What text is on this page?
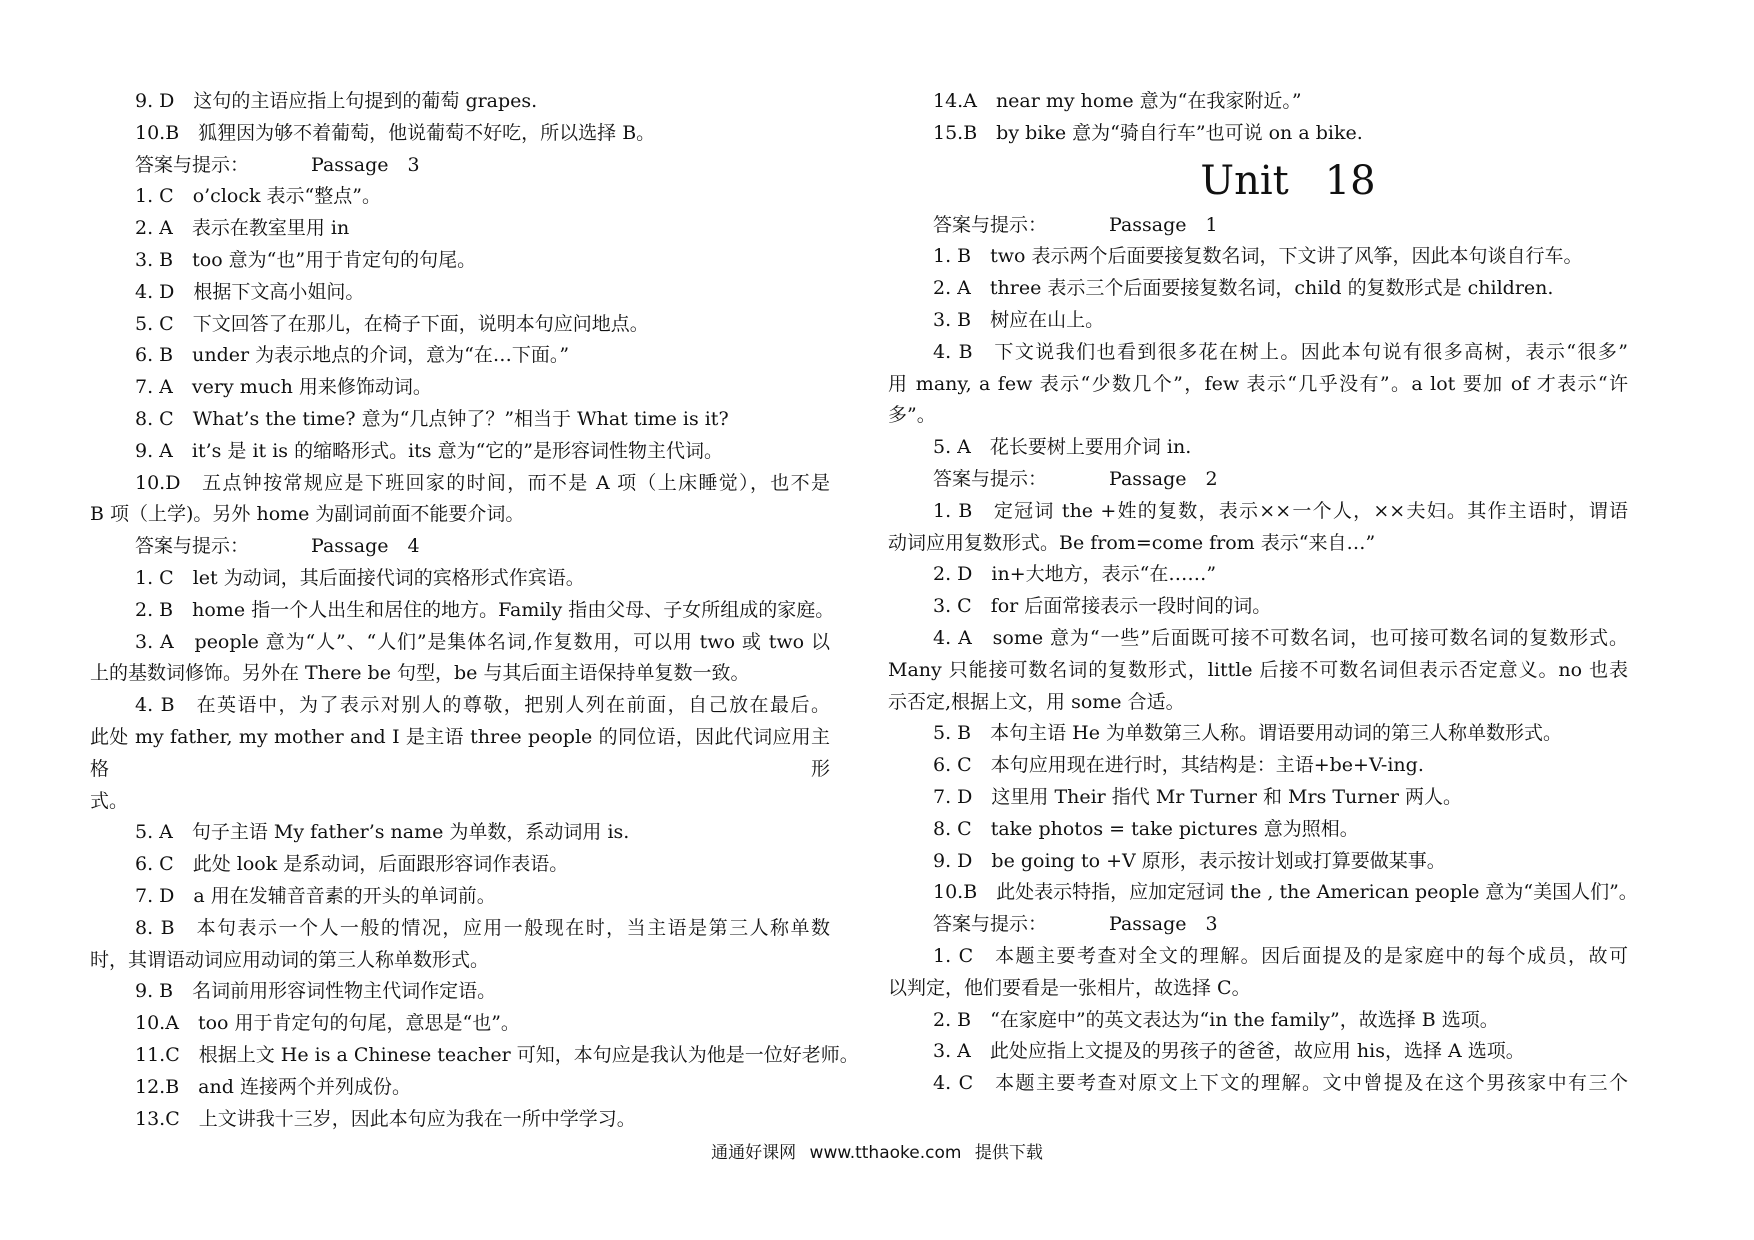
9. D　这句的主语应指上句提到的葡萄 grapes.
10.B　狐狸因为够不着葡萄，他说葡萄不好吃，所以选择 B。
答案与提示：	Passage　3
1. C　o’clock 表示“整点”。
2. A　表示在教室里用 in
3. B　too 意为“也”用于肯定句的句尾。
4. D　根据下文高小姐问。
5. C　下文回答了在那儿，在椅子下面，说明本句应问地点。
6. B　under 为表示地点的介词，意为“在…下面。”
7. A　very much 用来修饰动词。
8. C　What’s the time? 意为“几点钟了？”相当于 What time is it?
9. A　it’s 是 it is 的缩略形式。its 意为“它的”是形容词性物主代词。
10.D　五点钟按常规应是下班回家的时间，而不是 A 项（上床睡觉），也不是
B 项（上学)。另外 home 为副词前面不能要介词。
答案与提示：	Passage　4
1. C　let 为动词，其后面接代词的宾格形式作宾语。
2. B　home 指一个人出生和居住的地方。Family 指由父母、子女所组成的家庭。
3. A　people 意为“人”、“人们”是集体名词,作复数用，可以用 two 或 two 以
上的基数词修饰。另外在 There be 句型，be 与其后面主语保持单复数一致。
4. B　在英语中，为了表示对别人的尊敬，把别人列在前面，自己放在最后。
此处 my father, my mother and I 是主语 three people 的同位语，因此代词应用主格形
式。
5. A　句子主语 My father’s name 为单数，系动词用 is.
6. C　此处 look 是系动词，后面跟形容词作表语。
7. D　a 用在发辅音音素的开头的单词前。
8. B　本句表示一个人一般的情况，应用一般现在时，当主语是第三人称单数
时，其谓语动词应用动词的第三人称单数形式。
9. B　名词前用形容词性物主代词作定语。
10.A　too 用于肯定句的句尾，意思是“也”。
11.C　根据上文 He is a Chinese teacher 可知，本句应是我认为他是一位好老师。
12.B　and 连接两个并列成份。
13.C　上文讲我十三岁，因此本句应为我在一所中学学习。
14.A　near my home 意为“在我家附近。”
15.B　by bike 意为“骑自行车”也可说 on a bike.
Unit 18
答案与提示：	Passage　1
1. B　two 表示两个后面要接复数名词，下文讲了风筝，因此本句谈自行车。
2. A　three 表示三个后面要接复数名词，child 的复数形式是 children.
3. B　树应在山上。
4. B　下文说我们也看到很多花在树上。因此本句说有很多高树，表示“很多”
用 many, a few 表示“少数几个”，few 表示“几乎没有”。a lot 要加 of 才表示“许
多”。
5. A　花长要树上要用介词 in.
答案与提示：	Passage　2
1. B　定冠词 the +姓的复数，表示××一个人，××夫妇。其作主语时，谓语
动词应用复数形式。Be from=come from 表示“来自…”
2. D　in+大地方，表示“在……”
3. C　for 后面常接表示一段时间的词。
4. A　some 意为“一些”后面既可接不可数名词，也可接可数名词的复数形式。
Many 只能接可数名词的复数形式，little 后接不可数名词但表示否定意义。no 也表
示否定,根据上文，用 some 合适。
5. B　本句主语 He 为单数第三人称。谓语要用动词的第三人称单数形式。
6. C　本句应用现在进行时，其结构是：主语+be+V-ing.
7. D　这里用 Their 指代 Mr Turner 和 Mrs Turner 两人。
8. C　take photos = take pictures 意为照相。
9. D　be going to +V 原形，表示按计划或打算要做某事。
10.B　此处表示特指，应加定冠词 the , the American people 意为“美国人们”。
答案与提示：	Passage　3
1. C　本题主要考查对全文的理解。因后面提及的是家庭中的每个成员，故可
以判定，他们要看是一张相片，故选择 C。
2. B　“在家庭中”的英文表达为“in the family”，故选择 B 选项。
3. A　此处应指上文提及的男孩子的爸爸，故应用 his，选择 A 选项。
4. C　本题主要考查对原文上下文的理解。文中曾提及在这个男孩家中有三个
通通好课网 www.tthaoke.com 提供下载
